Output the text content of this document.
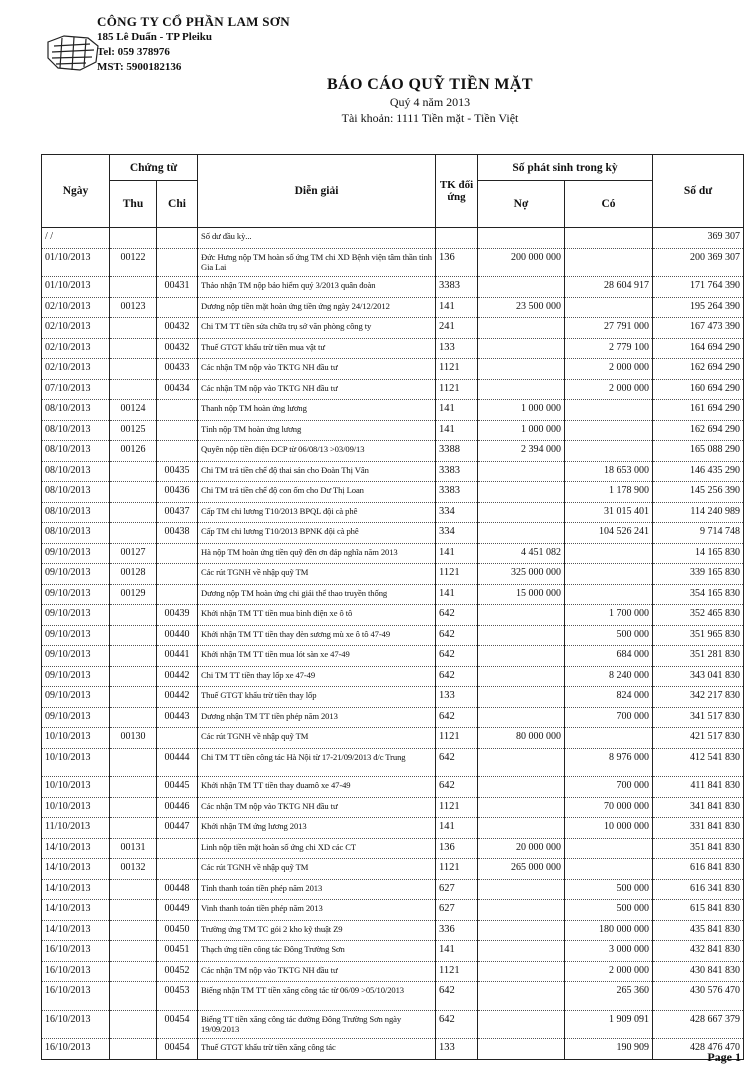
CÔNG TY CỔ PHẦN LAM SƠN
185 Lê Duẩn - TP Pleiku
Tel: 059 378976
MST: 5900182136
BÁO CÁO QUỸ TIỀN MẶT
Quý 4 năm 2013
Tài khoản: 1111 Tiền mặt - Tiền Việt
Ngày	Chứng từ		Diễn giải	TK đối ứng	Số phát sinh trong kỳ		Số dư
	Thu	Chi			Nợ	Có	
/ /			Số dư đầu kỳ...				369 307
01/10/2013	00122		Đức Hưng nộp TM hoàn số ứng TM chi XD Bệnh viện tâm thần tỉnh Gia Lai	136	200 000 000		200 369 307
01/10/2013		00431	Thảo nhận TM nộp bảo hiểm quý 3/2013 quân đoàn	3383		28 604 917	171 764 390
02/10/2013	00123		Dương nộp tiền mặt hoàn ứng tiền ứng ngày 24/12/2012	141	23 500 000		195 264 390
02/10/2013		00432	Chi TM TT tiền sửa chữa trụ sở văn phòng công ty	241		27 791 000	167 473 390
02/10/2013		00432	Thuế GTGT khấu trừ tiền mua vật tư	133		2 779 100	164 694 290
02/10/2013		00433	Các nhận TM nộp vào TKTG NH đầu tư	1121		2 000 000	162 694 290
07/10/2013		00434	Các nhận TM nộp vào TKTG NH đầu tư	1121		2 000 000	160 694 290
08/10/2013	00124		Thanh nộp TM hoàn ứng lương	141	1 000 000		161 694 290
08/10/2013	00125		Tỉnh nộp TM hoàn ứng lương	141	1 000 000		162 694 290
08/10/2013	00126		Quyên nộp tiền điện ĐCP từ 06/08/13 >03/09/13	3388	2 394 000		165 088 290
08/10/2013		00435	Chi TM trả tiền chế độ thai sản cho Đoàn Thị Vân	3383		18 653 000	146 435 290
08/10/2013		00436	Chi TM trả tiền chế độ con ốm cho Dư Thị Loan	3383		1 178 900	145 256 390
08/10/2013		00437	Cấp TM chi lương T10/2013 BPQL đội cà phê	334		31 015 401	114 240 989
08/10/2013		00438	Cấp TM chi lương T10/2013 BPNK đội cà phê	334		104 526 241	9 714 748
09/10/2013	00127		Hà nộp TM hoàn ứng tiền quỹ đền ơn đáp nghĩa năm 2013	141	4 451 082		14 165 830
09/10/2013	00128		Các rút TGNH về nhập quỹ TM	1121	325 000 000		339 165 830
09/10/2013	00129		Dương nộp TM hoàn ứng chi giải thể thao truyền thống	141	15 000 000		354 165 830
09/10/2013		00439	Khởi nhận TM TT tiền mua bình điện xe ô tô	642		1 700 000	352 465 830
09/10/2013		00440	Khởi nhận TM TT tiền thay đèn sương mù xe ô tô 47-49	642		500 000	351 965 830
09/10/2013		00441	Khởi nhận TM TT tiền mua lót sàn xe 47-49	642		684 000	351 281 830
09/10/2013		00442	Chi TM TT tiền thay lốp xe 47-49	642		8 240 000	343 041 830
09/10/2013		00442	Thuế GTGT khấu trừ tiền thay lốp	133		824 000	342 217 830
09/10/2013		00443	Dương nhận TM TT tiền phép năm 2013	642		700 000	341 517 830
10/10/2013	00130		Các rút TGNH về nhập quỹ TM	1121	80 000 000		421 517 830
10/10/2013		00444	Chi TM TT tiền công tác Hà Nội từ 17-21/09/2013 đ/c Trung	642		8 976 000	412 541 830
10/10/2013		00445	Khởi nhận TM TT tiền thay đuamô xe 47-49	642		700 000	411 841 830
10/10/2013		00446	Các nhận TM nộp vào TKTG NH đầu tư	1121		70 000 000	341 841 830
11/10/2013		00447	Khởi nhận TM ứng lương 2013	141		10 000 000	331 841 830
14/10/2013	00131		Linh nộp tiền mặt hoàn số ứng chi XD các CT	136	20 000 000		351 841 830
14/10/2013	00132		Các rút TGNH về nhập quỹ TM	1121	265 000 000		616 841 830
14/10/2013		00448	Tỉnh thanh toán tiền phép năm 2013	627		500 000	616 341 830
14/10/2013		00449	Vinh thanh toán tiền phép năm 2013	627		500 000	615 841 830
14/10/2013		00450	Trường ứng TM TC gói 2 kho kỹ thuật Z9	336		180 000 000	435 841 830
16/10/2013		00451	Thạch ứng tiền công tác Đông Trường Sơn	141		3 000 000	432 841 830
16/10/2013		00452	Các nhận TM nộp vào TKTG NH đầu tư	1121		2 000 000	430 841 830
16/10/2013		00453	Biếng nhận TM TT tiền xăng công tác từ 06/09 >05/10/2013	642		265 360	430 576 470
16/10/2013		00454	Biếng TT tiền xăng công tác đường Đông Trường Sơn ngày 19/09/2013	642		1 909 091	428 667 379
16/10/2013		00454	Thuế GTGT khấu trừ tiền xăng công tác	133		190 909	428 476 470
Page 1
